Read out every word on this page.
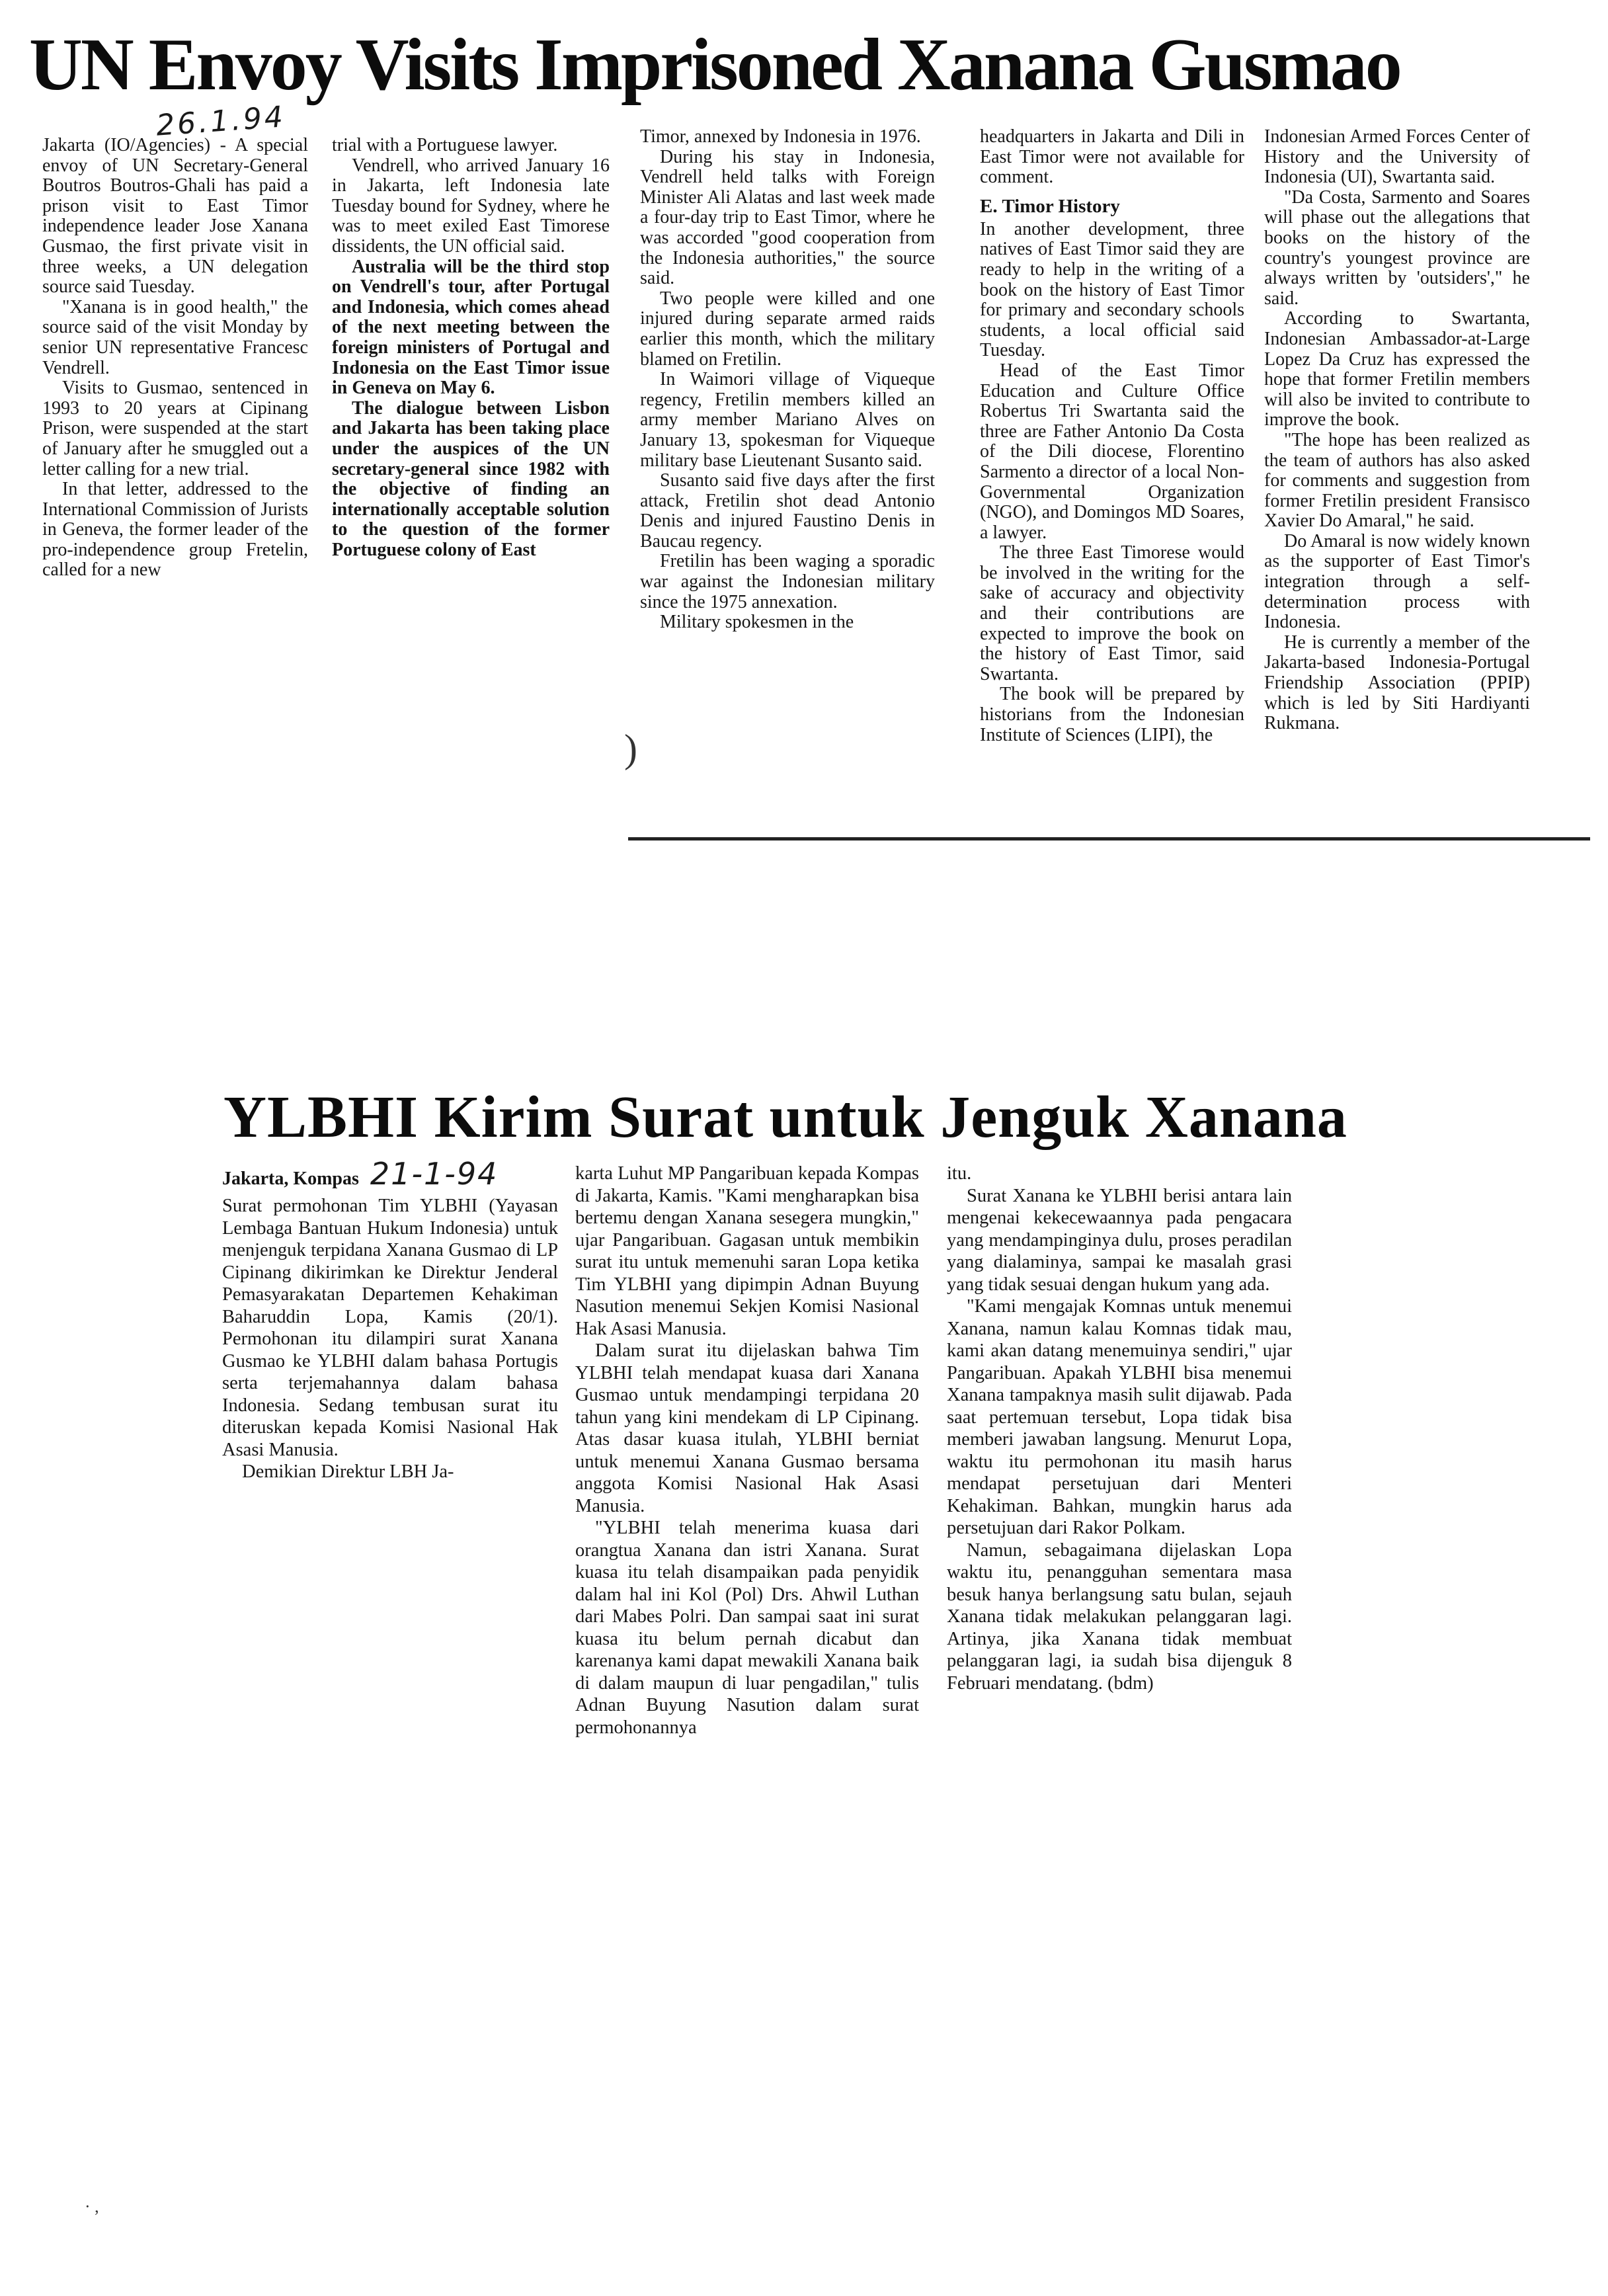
UN Envoy Visits Imprisoned Xanana Gusmao
26.1.94

Jakarta (IO/Agencies) - A special envoy of UN Secretary-General Boutros Boutros-Ghali has paid a prison visit to East Timor independence leader Jose Xanana Gusmao, the first private visit in three weeks, a UN delegation source said Tuesday.

"Xanana is in good health," the source said of the visit Monday by senior UN representative Francesc Vendrell.

Visits to Gusmao, sentenced in 1993 to 20 years at Cipinang Prison, were suspended at the start of January after he smuggled out a letter calling for a new trial.

In that letter, addressed to the International Commission of Jurists in Geneva, the former leader of the pro-independence group Fretelin, called for a new

trial with a Portuguese lawyer.

Vendrell, who arrived January 16 in Jakarta, left Indonesia late Tuesday bound for Sydney, where he was to meet exiled East Timorese dissidents, the UN official said.

Australia will be the third stop on Vendrell's tour, after Portugal and Indonesia, which comes ahead of the next meeting between the foreign ministers of Portugal and Indonesia on the East Timor issue in Geneva on May 6.

The dialogue between Lisbon and Jakarta has been taking place under the auspices of the UN secretary-general since 1982 with the objective of finding an internationally acceptable solution to the question of the former Portuguese colony of East

Timor, annexed by Indonesia in 1976.

During his stay in Indonesia, Vendrell held talks with Foreign Minister Ali Alatas and last week made a four-day trip to East Timor, where he was accorded "good cooperation from the Indonesia authorities," the source said.

Two people were killed and one injured during separate armed raids earlier this month, which the military blamed on Fretilin.

In Waimori village of Viqueque regency, Fretilin members killed an army member Mariano Alves on January 13, spokesman for Viqueque military base Lieutenant Susanto said.

Susanto said five days after the first attack, Fretilin shot dead Antonio Denis and injured Faustino Denis in Baucau regency.

Fretilin has been waging a sporadic war against the Indonesian military since the 1975 annexation.

Military spokesmen in the

)

headquarters in Jakarta and Dili in East Timor were not available for comment.

E. Timor History

In another development, three natives of East Timor said they are ready to help in the writing of a book on the history of East Timor for primary and secondary schools students, a local official said Tuesday.

Head of the East Timor Education and Culture Office Robertus Tri Swartanta said the three are Father Antonio Da Costa of the Dili diocese, Florentino Sarmento a director of a local Non-Governmental Organization (NGO), and Domingos MD Soares, a lawyer.

The three East Timorese would be involved in the writing for the sake of accuracy and objectivity and their contributions are expected to improve the book on the history of East Timor, said Swartanta.

The book will be prepared by historians from the Indonesian Institute of Sciences (LIPI), the

Indonesian Armed Forces Center of History and the University of Indonesia (UI), Swartanta said.

"Da Costa, Sarmento and Soares will phase out the allegations that books on the history of the country's youngest province are always written by 'outsiders'," he said.

According to Swartanta, Indonesian Ambassador-at-Large Lopez Da Cruz has expressed the hope that former Fretilin members will also be invited to contribute to improve the book.

"The hope has been realized as the team of authors has also asked for comments and suggestion from former Fretilin president Fransisco Xavier Do Amaral," he said.

Do Amaral is now widely known as the supporter of East Timor's integration through a self-determination process with Indonesia.

He is currently a member of the Jakarta-based Indonesia-Portugal Friendship Association (PPIP) which is led by Siti Hardiyanti Rukmana.

YLBHI Kirim Surat untuk Jenguk Xanana
Jakarta, Kompas 21-1-94

Surat permohonan Tim YLBHI (Yayasan Lembaga Bantuan Hukum Indonesia) untuk menjenguk terpidana Xanana Gusmao di LP Cipinang dikirimkan ke Direktur Jenderal Pemasyarakatan Departemen Kehakiman Baharuddin Lopa, Kamis (20/1). Permohonan itu dilampiri surat Xanana Gusmao ke YLBHI dalam bahasa Portugis serta terjemahannya dalam bahasa Indonesia. Sedang tembusan surat itu diteruskan kepada Komisi Nasional Hak Asasi Manusia.

Demikian Direktur LBH Ja-

karta Luhut MP Pangaribuan kepada Kompas di Jakarta, Kamis. "Kami mengharapkan bisa bertemu dengan Xanana sesegera mungkin," ujar Pangaribuan. Gagasan untuk membikin surat itu untuk memenuhi saran Lopa ketika Tim YLBHI yang dipimpin Adnan Buyung Nasution menemui Sekjen Komisi Nasional Hak Asasi Manusia.

Dalam surat itu dijelaskan bahwa Tim YLBHI telah mendapat kuasa dari Xanana Gusmao untuk mendampingi terpidana 20 tahun yang kini mendekam di LP Cipinang. Atas dasar kuasa itulah, YLBHI berniat untuk menemui Xanana Gusmao bersama anggota Komisi Nasional Hak Asasi Manusia.

"YLBHI telah menerima kuasa dari orangtua Xanana dan istri Xanana. Surat kuasa itu telah disampaikan pada penyidik dalam hal ini Kol (Pol) Drs. Ahwil Luthan dari Mabes Polri. Dan sampai saat ini surat kuasa itu belum pernah dicabut dan karenanya kami dapat mewakili Xanana baik di dalam maupun di luar pengadilan," tulis Adnan Buyung Nasution dalam surat permohonannya

itu.

Surat Xanana ke YLBHI berisi antara lain mengenai kekecewaannya pada pengacara yang mendampinginya dulu, proses peradilan yang dialaminya, sampai ke masalah grasi yang tidak sesuai dengan hukum yang ada.

"Kami mengajak Komnas untuk menemui Xanana, namun kalau Komnas tidak mau, kami akan datang menemuinya sendiri," ujar Pangaribuan. Apakah YLBHI bisa menemui Xanana tampaknya masih sulit dijawab. Pada saat pertemuan tersebut, Lopa tidak bisa memberi jawaban langsung. Menurut Lopa, waktu itu permohonan itu masih harus mendapat persetujuan dari Menteri Kehakiman. Bahkan, mungkin harus ada persetujuan dari Rakor Polkam.

Namun, sebagaimana dijelaskan Lopa waktu itu, penangguhan sementara masa besuk hanya berlangsung satu bulan, sejauh Xanana tidak melakukan pelanggaran lagi. Artinya, jika Xanana tidak membuat pelanggaran lagi, ia sudah bisa dijenguk 8 Februari mendatang. (bdm)

· ,
